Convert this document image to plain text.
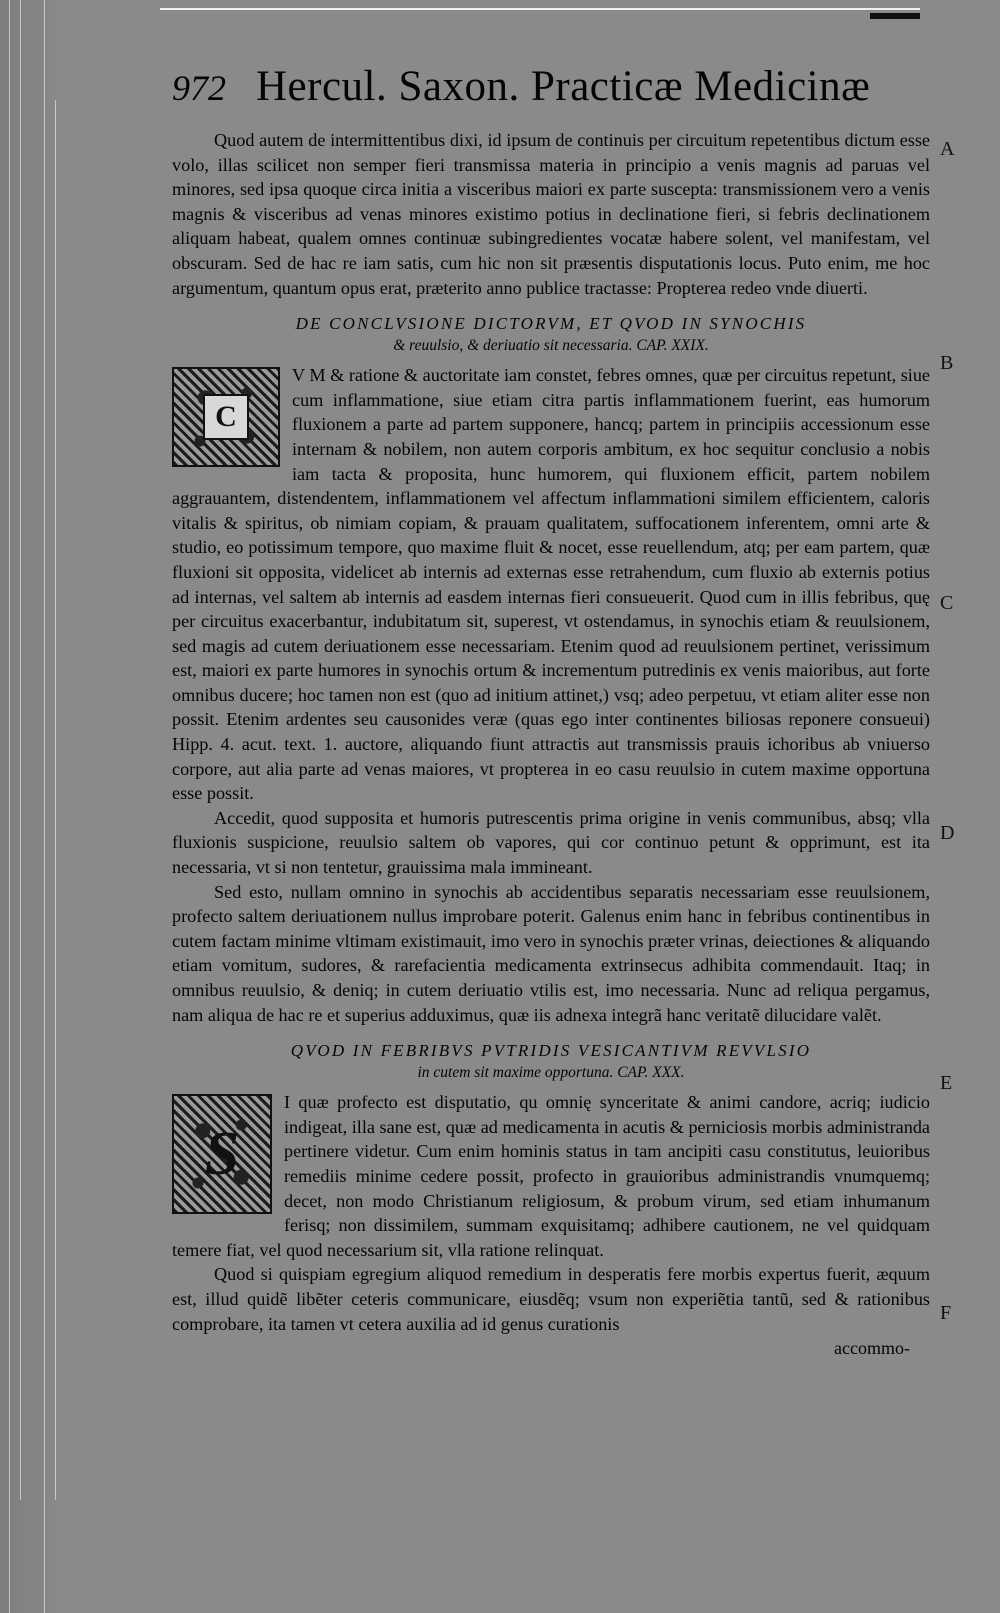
A
B
C
D
E
F
972 Hercul. Saxon. Practicæ Medicinæ

Quod autem de intermittentibus dixi, id ipsum de continuis per circuitum repetentibus dictum esse volo, illas scilicet non semper fieri transmissa materia in principio a venis magnis ad paruas vel minores, sed ipsa quoque circa initia a visceribus maiori ex parte suscepta: transmissionem vero a venis magnis & visceribus ad venas minores existimo potius in declinatione fieri, si febris declinationem aliquam habeat, qualem omnes continuæ subingredientes vocatæ habere solent, vel manifestam, vel obscuram. Sed de hac re iam satis, cum hic non sit præsentis disputationis locus. Puto enim, me hoc argumentum, quantum opus erat, præterito anno publice tractasse: Propterea redeo vnde diuerti.

DE CONCLVSIONE DICTORVM, ET QVOD IN SYNOCHIS
& reuulsio, & deriuatio sit necessaria. CAP. XXIX.
C

V M & ratione & auctoritate iam constet, febres omnes, quæ per circuitus repetunt, siue cum inflammatione, siue etiam citra partis inflammationem fuerint, eas humorum fluxionem a parte ad partem supponere, hancq; partem in principiis accessionum esse internam & nobilem, non autem corporis ambitum, ex hoc sequitur conclusio a nobis iam tacta & proposita, hunc humorem, qui fluxionem efficit, partem nobilem aggrauantem, distendentem, inflammationem vel affectum inflammationi similem efficientem, caloris vitalis & spiritus, ob nimiam copiam, & prauam qualitatem, suffocationem inferentem, omni arte & studio, eo potissimum tempore, quo maxime fluit & nocet, esse reuellendum, atq; per eam partem, quæ fluxioni sit opposita, videlicet ab internis ad externas esse retrahendum, cum fluxio ab externis potius ad internas, vel saltem ab internis ad easdem internas fieri consueuerit. Quod cum in illis febribus, quę per circuitus exacerbantur, indubitatum sit, superest, vt ostendamus, in synochis etiam & reuulsionem, sed magis ad cutem deriuationem esse necessariam. Etenim quod ad reuulsionem pertinet, verissimum est, maiori ex parte humores in synochis ortum & incrementum putredinis ex venis maioribus, aut forte omnibus ducere; hoc tamen non est (quo ad initium attinet,) vsq; adeo perpetuu, vt etiam aliter esse non possit. Etenim ardentes seu causonides veræ (quas ego inter continentes biliosas reponere consueui) Hipp. 4. acut. text. 1. auctore, aliquando fiunt attractis aut transmissis prauis ichoribus ab vniuerso corpore, aut alia parte ad venas maiores, vt propterea in eo casu reuulsio in cutem maxime opportuna esse possit.

Accedit, quod supposita et humoris putrescentis prima origine in venis communibus, absq; vlla fluxionis suspicione, reuulsio saltem ob vapores, qui cor continuo petunt & opprimunt, est ita necessaria, vt si non tentetur, grauissima mala immineant.

Sed esto, nullam omnino in synochis ab accidentibus separatis necessariam esse reuulsionem, profecto saltem deriuationem nullus improbare poterit. Galenus enim hanc in febribus continentibus in cutem factam minime vltimam existimauit, imo vero in synochis præter vrinas, deiectiones & aliquando etiam vomitum, sudores, & rarefacientia medicamenta extrinsecus adhibita commendauit. Itaq; in omnibus reuulsio, & deniq; in cutem deriuatio vtilis est, imo necessaria. Nunc ad reliqua pergamus, nam aliqua de hac re et superius adduximus, quæ iis adnexa integrã hanc veritatẽ dilucidare valẽt.

QVOD IN FEBRIBVS PVTRIDIS VESICANTIVM REVVLSIO
in cutem sit maxime opportuna. CAP. XXX.
S

I quæ profecto est disputatio, qu omnię synceritate & animi candore, acriq; iudicio indigeat, illa sane est, quæ ad medicamenta in acutis & perniciosis morbis administranda pertinere videtur. Cum enim hominis status in tam ancipiti casu constitutus, leuioribus remediis minime cedere possit, profecto in grauioribus administrandis vnumquemq; decet, non modo Christianum religiosum, & probum virum, sed etiam inhumanum ferisq; non dissimilem, summam exquisitamq; adhibere cautionem, ne vel quidquam temere fiat, vel quod necessarium sit, vlla ratione relinquat.

Quod si quispiam egregium aliquod remedium in desperatis fere morbis expertus fuerit, æquum est, illud quidẽ libẽter ceteris communicare, eiusdẽq; vsum non experiẽtia tantũ, sed & rationibus comprobare, ita tamen vt cetera auxilia ad id genus curationis

accommo-
